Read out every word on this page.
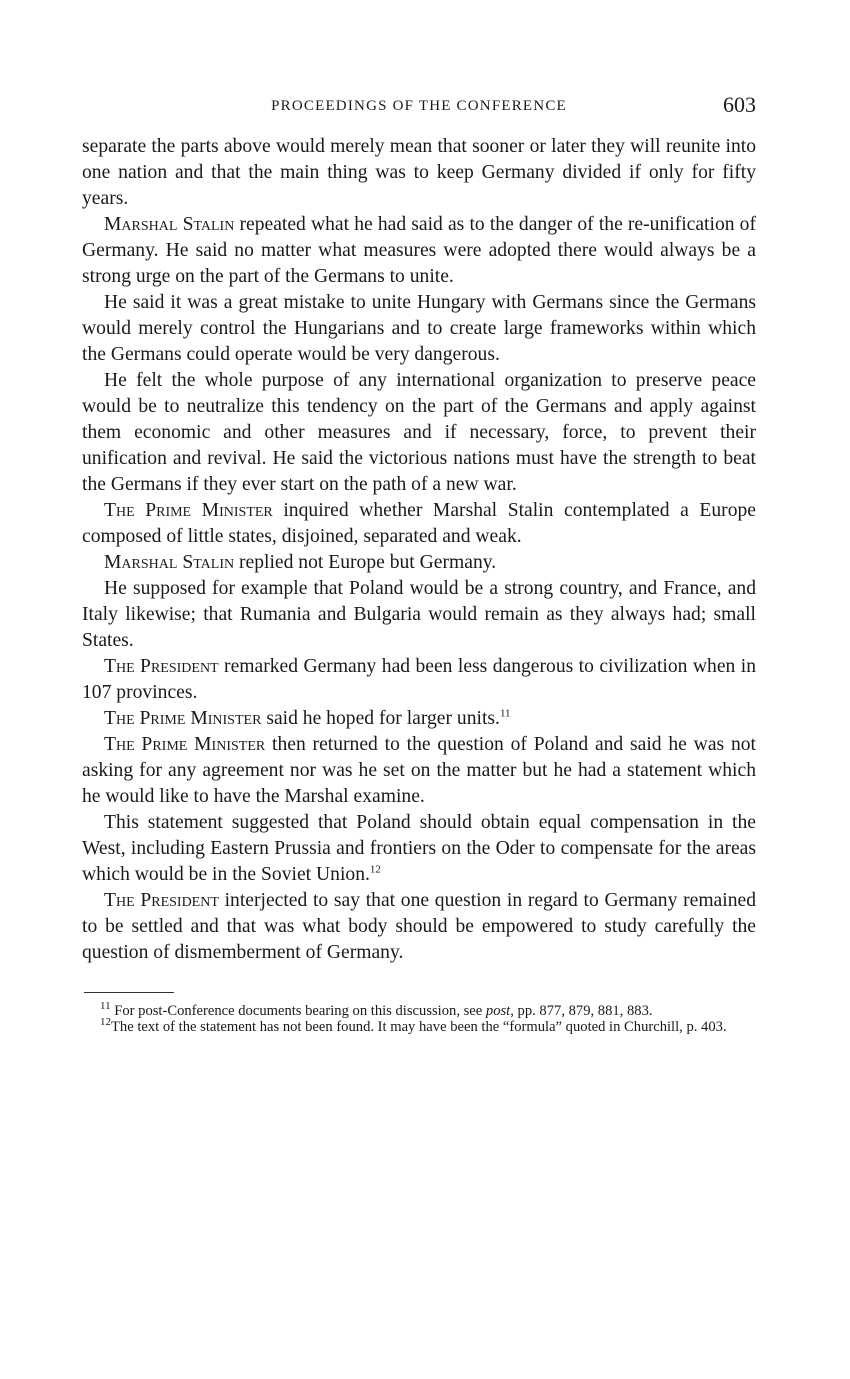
PROCEEDINGS OF THE CONFERENCE	603

separate the parts above would merely mean that sooner or later they will reunite into one nation and that the main thing was to keep Germany divided if only for fifty years.

Marshal Stalin repeated what he had said as to the danger of the re-unification of Germany. He said no matter what measures were adopted there would always be a strong urge on the part of the Germans to unite.

He said it was a great mistake to unite Hungary with Germans since the Germans would merely control the Hungarians and to create large frameworks within which the Germans could operate would be very dangerous.

He felt the whole purpose of any international organization to preserve peace would be to neutralize this tendency on the part of the Germans and apply against them economic and other measures and if necessary, force, to prevent their unification and revival. He said the victorious nations must have the strength to beat the Germans if they ever start on the path of a new war.

The Prime Minister inquired whether Marshal Stalin contemplated a Europe composed of little states, disjoined, separated and weak.

Marshal Stalin replied not Europe but Germany.

He supposed for example that Poland would be a strong country, and France, and Italy likewise; that Rumania and Bulgaria would remain as they always had; small States.

The President remarked Germany had been less dangerous to civilization when in 107 provinces.

The Prime Minister said he hoped for larger units.$^{11}$

The Prime Minister then returned to the question of Poland and said he was not asking for any agreement nor was he set on the matter but he had a statement which he would like to have the Marshal examine.

This statement suggested that Poland should obtain equal compensation in the West, including Eastern Prussia and frontiers on the Oder to compensate for the areas which would be in the Soviet Union.$^{12}$

The President interjected to say that one question in regard to Germany remained to be settled and that was what body should be empowered to study carefully the question of dismemberment of Germany.

$^{11}$ For post-Conference documents bearing on this discussion, see post, pp. 877, 879, 881, 883.

$^{12}$The text of the statement has not been found. It may have been the “formula” quoted in Churchill, p. 403.
